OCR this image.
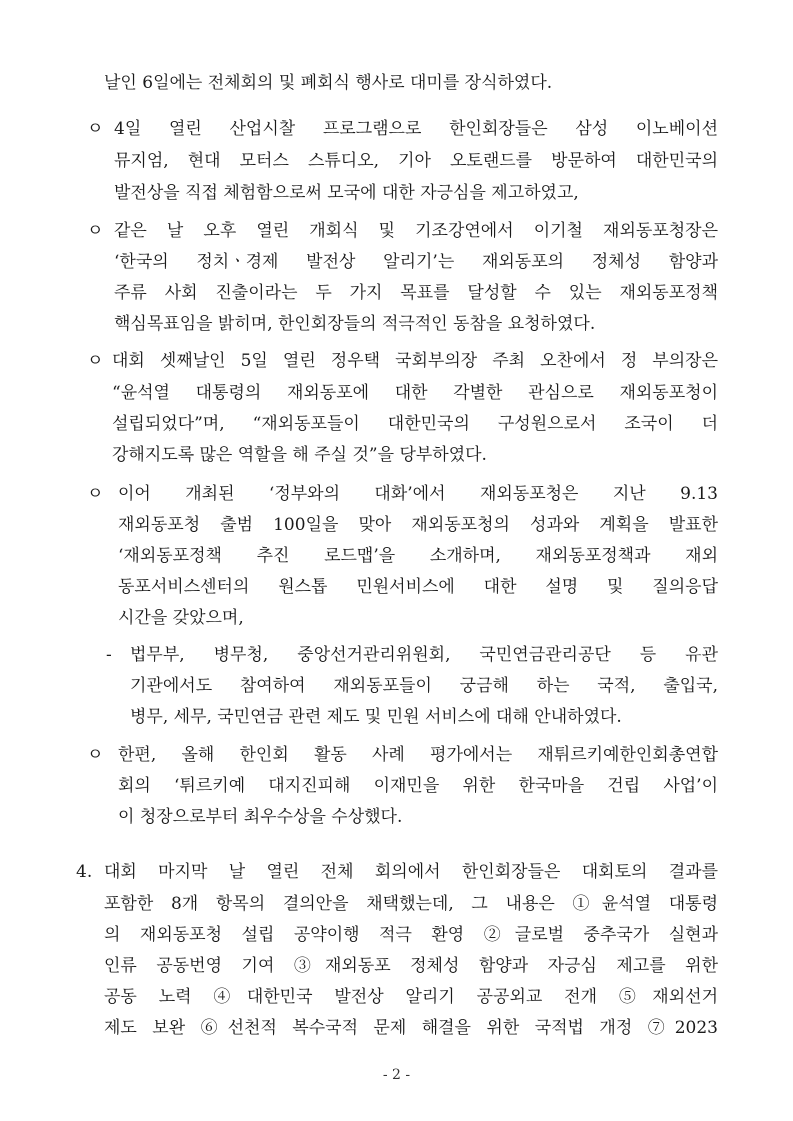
날인 6일에는 전체회의 및 폐회식 행사로 대미를 장식하였다.
ㅇ 4일 열린 산업시찰 프로그램으로 한인회장들은 삼성 이노베이션
뮤지엄, 현대 모터스 스튜디오, 기아 오토랜드를 방문하여 대한민국의
발전상을 직접 체험함으로써 모국에 대한 자긍심을 제고하였고,
ㅇ 같은 날 오후 열린 개회식 및 기조강연에서 이기철 재외동포청장은
‘한국의 정치ㆍ경제 발전상 알리기’는 재외동포의 정체성 함양과
주류 사회 진출이라는 두 가지 목표를 달성할 수 있는 재외동포정책
핵심목표임을 밝히며, 한인회장들의 적극적인 동참을 요청하였다.
ㅇ 대회 셋째날인 5일 열린 정우택 국회부의장 주최 오찬에서 정 부의장은
“윤석열 대통령의 재외동포에 대한 각별한 관심으로 재외동포청이
설립되었다”며, “재외동포들이 대한민국의 구성원으로서 조국이 더
강해지도록 많은 역할을 해 주실 것”을 당부하였다.
ㅇ 이어 개최된 ‘정부와의 대화’에서 재외동포청은 지난 9.13
재외동포청 출범 100일을 맞아 재외동포청의 성과와 계획을 발표한
‘재외동포정책 추진 로드맵’을 소개하며, 재외동포정책과 재외
동포서비스센터의 원스톱 민원서비스에 대한 설명 및 질의응답
시간을 갖았으며,
- 법무부, 병무청, 중앙선거관리위원회, 국민연금관리공단 등 유관
기관에서도 참여하여 재외동포들이 궁금해 하는 국적, 출입국,
병무, 세무, 국민연금 관련 제도 및 민원 서비스에 대해 안내하였다.
ㅇ 한편, 올해 한인회 활동 사례 평가에서는 재튀르키예한인회총연합
회의 ‘튀르키예 대지진피해 이재민을 위한 한국마을 건립 사업’이
이 청장으로부터 최우수상을 수상했다.
4. 대회 마지막 날 열린 전체 회의에서 한인회장들은 대회토의 결과를
포함한 8개 항목의 결의안을 채택했는데, 그 내용은 ①윤석열 대통령
의 재외동포청 설립 공약이행 적극 환영 ②글로벌 중추국가 실현과
인류 공동번영 기여 ③재외동포 정체성 함양과 자긍심 제고를 위한
공동 노력 ④대한민국 발전상 알리기 공공외교 전개 ⑤재외선거
제도 보완 ⑥선천적 복수국적 문제 해결을 위한 국적법 개정 ⑦2023
- 2 -
